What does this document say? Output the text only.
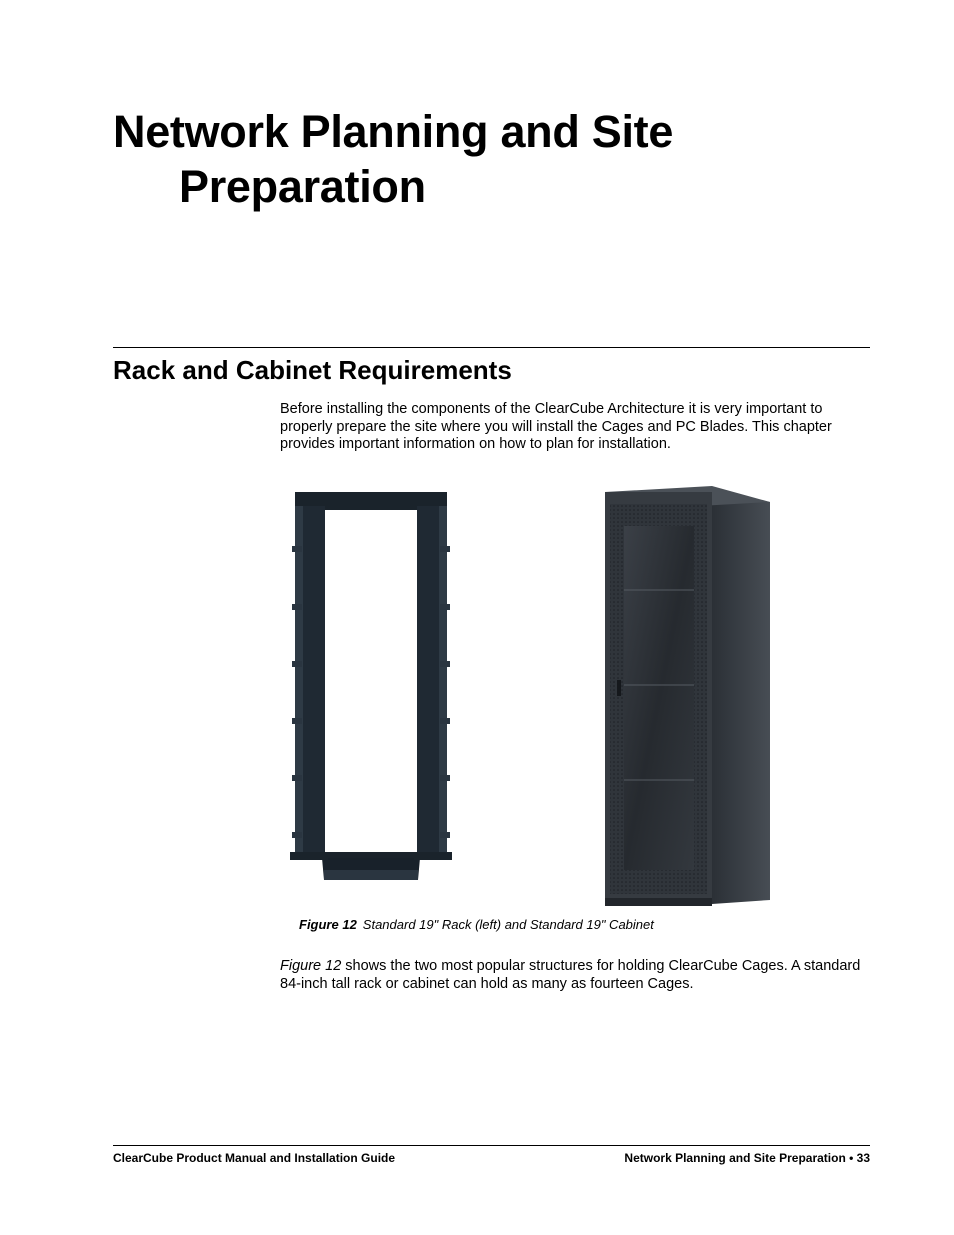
Network Planning and Site
Preparation
Rack and Cabinet Requirements

Before installing the components of the ClearCube Architecture it is very important to properly prepare the site where you will install the Cages and PC Blades. This chapter provides important information on how to plan for installation.

Figure 12 Standard 19" Rack (left) and Standard 19" Cabinet

Figure 12 shows the two most popular structures for holding ClearCube Cages. A standard 84-inch tall rack or cabinet can hold as many as fourteen Cages.

ClearCube Product Manual and Installation Guide	Network Planning and Site Preparation • 33
